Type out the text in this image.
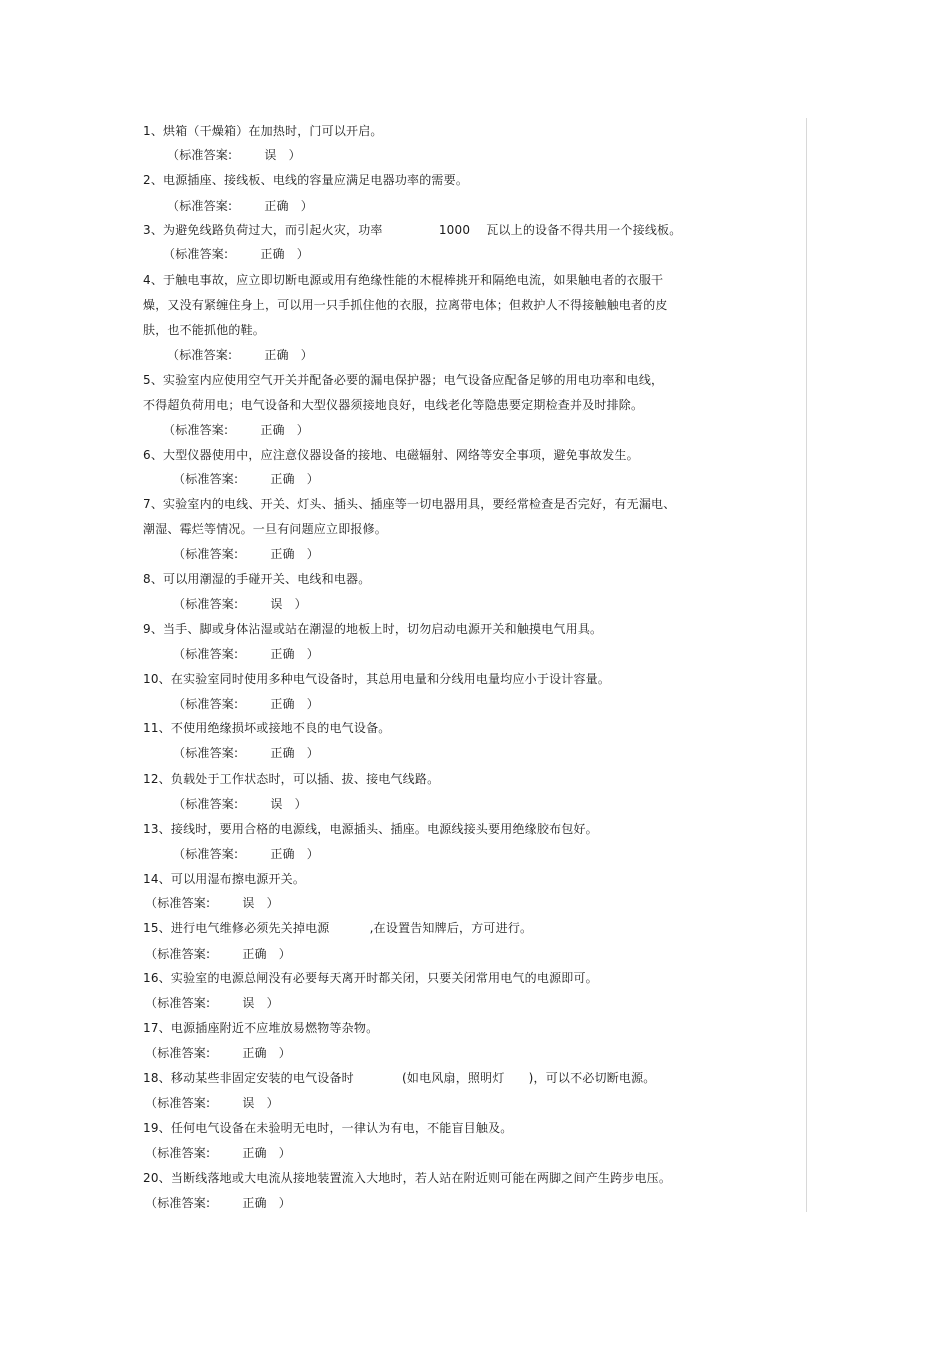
1、烘箱（干燥箱）在加热时，门可以开启。
（标准答案:        误   ）
2、电源插座、接线板、电线的容量应满足电器功率的需要。
（标准答案:        正确   ）
3、为避免线路负荷过大，而引起火灾，功率              1000    瓦以上的设备不得共用一个接线板。
（标准答案:        正确   ）
4、于触电事故，应立即切断电源或用有绝缘性能的木棍棒挑开和隔绝电流，如果触电者的衣服干
燥，又没有紧缠住身上，可以用一只手抓住他的衣服，拉离带电体；但救护人不得接触触电者的皮
肤，也不能抓他的鞋。
（标准答案:        正确   ）
5、实验室内应使用空气开关并配备必要的漏电保护器；电气设备应配备足够的用电功率和电线，
不得超负荷用电；电气设备和大型仪器须接地良好，电线老化等隐患要定期检查并及时排除。
（标准答案:        正确   ）
6、大型仪器使用中，应注意仪器设备的接地、电磁辐射、网络等安全事项，避免事故发生。
（标准答案:        正确   ）
7、实验室内的电线、开关、灯头、插头、插座等一切电器用具，要经常检查是否完好，有无漏电、
潮湿、霉烂等情况。一旦有问题应立即报修。
（标准答案:        正确   ）
8、可以用潮湿的手碰开关、电线和电器。
（标准答案:        误   ）
9、当手、脚或身体沾湿或站在潮湿的地板上时，切勿启动电源开关和触摸电气用具。
（标准答案:        正确   ）
10、在实验室同时使用多种电气设备时，其总用电量和分线用电量均应小于设计容量。
（标准答案:        正确   ）
11、不使用绝缘损坏或接地不良的电气设备。
（标准答案:        正确   ）
12、负载处于工作状态时，可以插、拔、接电气线路。
（标准答案:        误   ）
13、接线时，要用合格的电源线，电源插头、插座。电源线接头要用绝缘胶布包好。
（标准答案:        正确   ）
14、可以用湿布擦电源开关。
（标准答案:        误   ）
15、进行电气维修必须先关掉电源          ,在设置告知牌后，方可进行。
（标准答案:        正确   ）
16、实验室的电源总闸没有必要每天离开时都关闭，只要关闭常用电气的电源即可。
（标准答案:        误   ）
17、电源插座附近不应堆放易燃物等杂物。
（标准答案:        正确   ）
18、移动某些非固定安装的电气设备时            (如电风扇，照明灯      )，可以不必切断电源。
（标准答案:        误   ）
19、任何电气设备在未验明无电时，一律认为有电，不能盲目触及。
（标准答案:        正确   ）
20、当断线落地或大电流从接地装置流入大地时，若人站在附近则可能在两脚之间产生跨步电压。
（标准答案:        正确   ）
